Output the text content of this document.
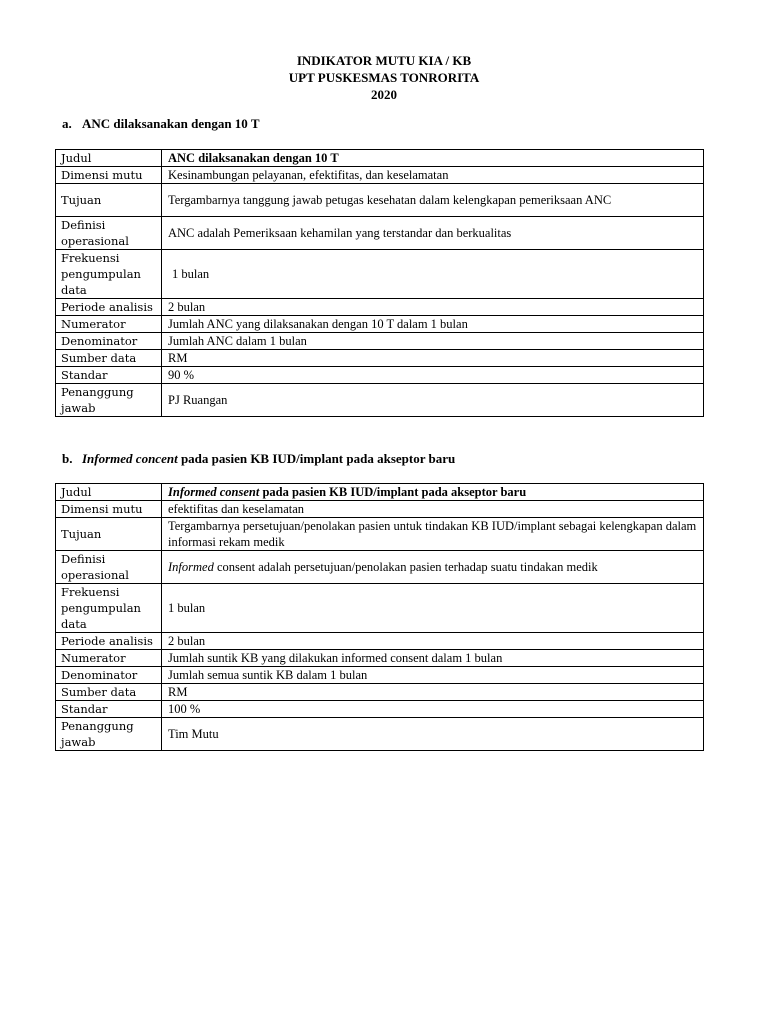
INDIKATOR MUTU KIA / KB
UPT PUSKESMAS TONRORITA
2020
a. ANC dilaksanakan dengan 10 T
Judul	ANC dilaksanakan dengan 10 T
Dimensi mutu	Kesinambungan pelayanan, efektifitas, dan keselamatan
Tujuan	Tergambarnya tanggung jawab petugas kesehatan dalam kelengkapan pemeriksaan ANC
Definisi operasional	ANC adalah Pemeriksaan kehamilan yang terstandar dan berkualitas
Frekuensi pengumpulan data	1 bulan
Periode analisis	2 bulan
Numerator	Jumlah ANC yang dilaksanakan dengan 10 T dalam 1 bulan
Denominator	Jumlah ANC dalam 1 bulan
Sumber data	RM
Standar	90 %
Penanggung jawab	PJ Ruangan
b. Informed concent pada pasien KB IUD/implant pada akseptor baru
Judul	Informed consent pada pasien KB IUD/implant pada akseptor baru
Dimensi mutu	efektifitas dan keselamatan
Tujuan	Tergambarnya persetujuan/penolakan pasien untuk tindakan KB IUD/implant sebagai kelengkapan dalam informasi rekam medik
Definisi operasional	Informed consent adalah persetujuan/penolakan pasien terhadap suatu tindakan medik
Frekuensi pengumpulan data	1 bulan
Periode analisis	2 bulan
Numerator	Jumlah suntik KB yang dilakukan informed consent dalam 1 bulan
Denominator	Jumlah semua suntik KB dalam 1 bulan
Sumber data	RM
Standar	100 %
Penanggung jawab	Tim Mutu
